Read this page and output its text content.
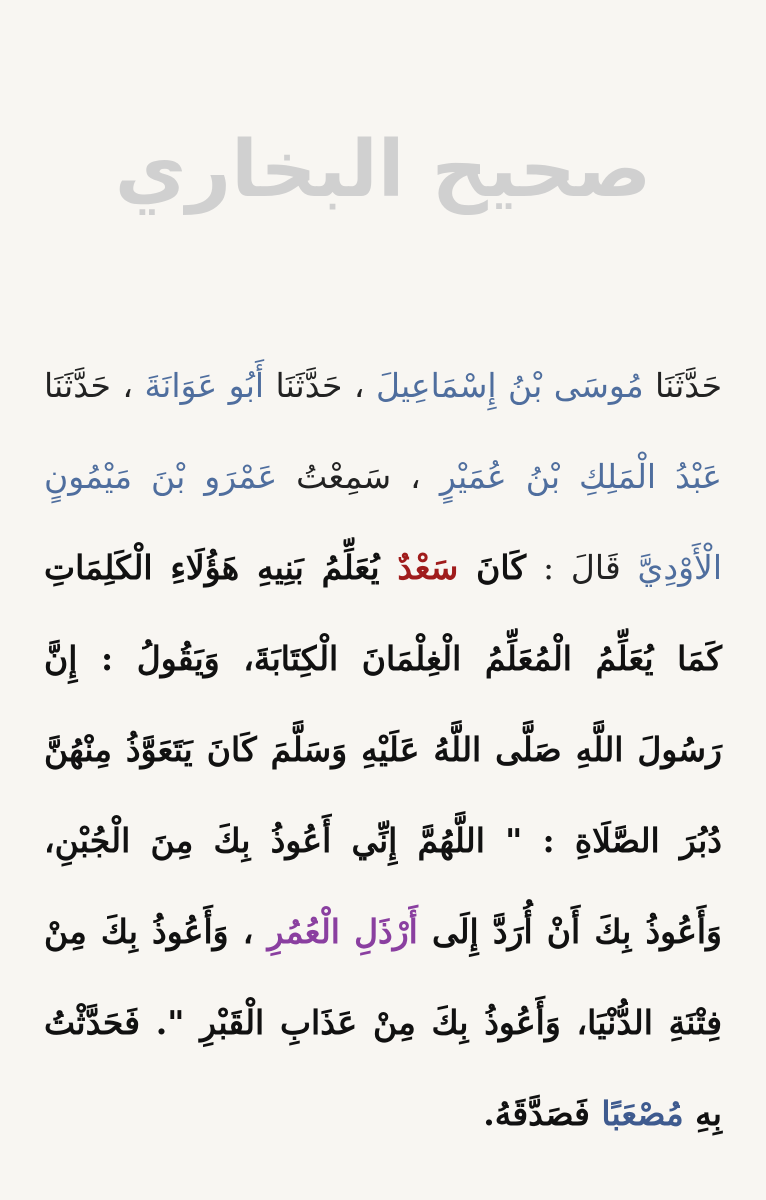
صحيح البخاري
حَدَّثَنَا مُوسَى بْنُ إِسْمَاعِيلَ ، حَدَّثَنَا أَبُو عَوَانَةَ ، حَدَّثَنَا عَبْدُ الْمَلِكِ بْنُ عُمَيْرٍ ، سَمِعْتُ عَمْرَو بْنَ مَيْمُونٍ الْأَوْدِيَّ قَالَ : كَانَ سَعْدٌ يُعَلِّمُ بَنِيهِ هَؤُلَاءِ الْكَلِمَاتِ كَمَا يُعَلِّمُ الْمُعَلِّمُ الْغِلْمَانَ الْكِتَابَةَ، وَيَقُولُ : إِنَّ رَسُولَ اللَّهِ صَلَّى اللَّهُ عَلَيْهِ وَسَلَّمَ كَانَ يَتَعَوَّذُ مِنْهُنَّ دُبُرَ الصَّلَاةِ : " اللَّهُمَّ إِنِّي أَعُوذُ بِكَ مِنَ الْجُبْنِ، وَأَعُوذُ بِكَ أَنْ أُرَدَّ إِلَى أَرْذَلِ الْعُمُرِ ، وَأَعُوذُ بِكَ مِنْ فِتْنَةِ الدُّنْيَا، وَأَعُوذُ بِكَ مِنْ عَذَابِ الْقَبْرِ ". فَحَدَّثْتُ بِهِ مُصْعَبًا فَصَدَّقَهُ.
